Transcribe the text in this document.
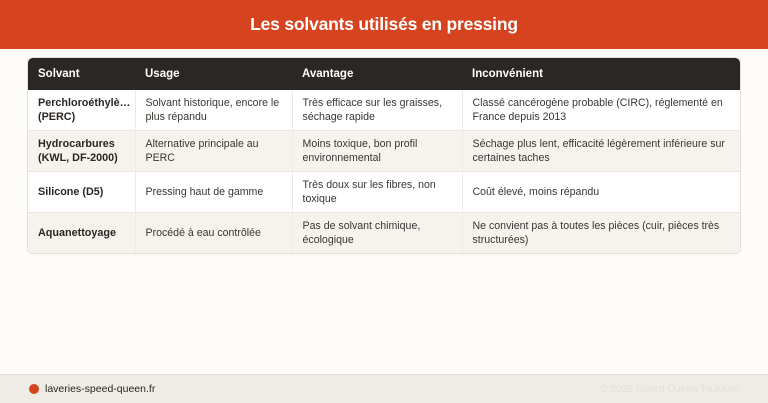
Les solvants utilisés en pressing
Solvant	Usage	Avantage	Inconvénient
Perchloroéthylè… (PERC)	Solvant historique, encore le plus répandu	Très efficace sur les graisses, séchage rapide	Classé cancérogène probable (CIRC), réglementé en France depuis 2013
Hydrocarbures (KWL, DF-2000)	Alternative principale au PERC	Moins toxique, bon profil environnemental	Séchage plus lent, efficacité légèrement inférieure sur certaines taches
Silicone (D5)	Pressing haut de gamme	Très doux sur les fibres, non toxique	Coût élevé, moins répandu
Aquanettoyage	Procédé à eau contrôlée	Pas de solvant chimique, écologique	Ne convient pas à toutes les pièces (cuir, pièces très structurées)
laveries-speed-queen.fr	© 2026 Speed Queen Toulouse
